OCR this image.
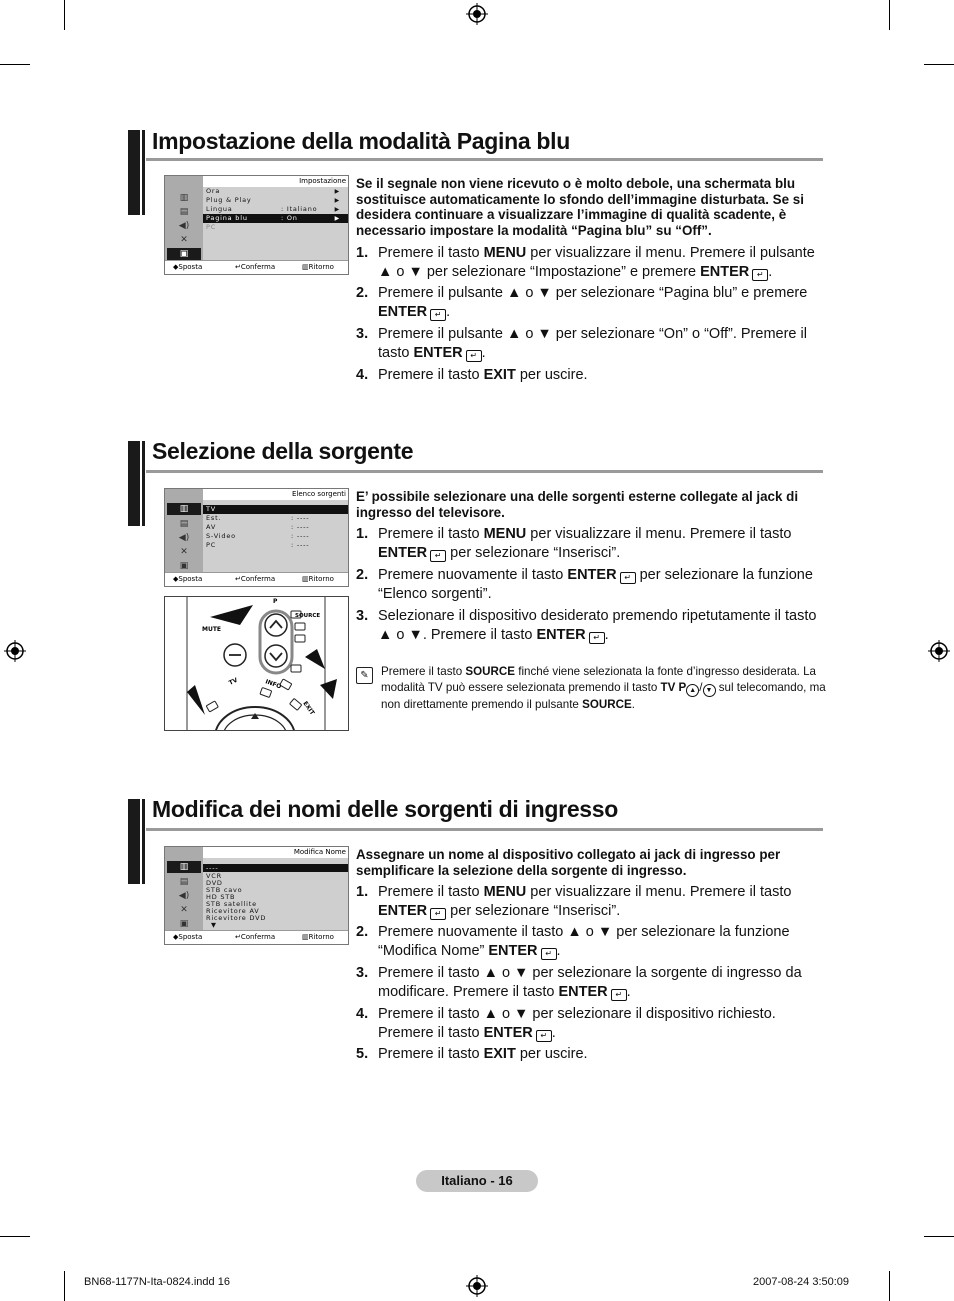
Impostazione della modalità Pagina blu
▥
▤
◀)
✕
▣
Impostazione
Ora	▶
Plug & Play	▶
Lingua	: Italiano	▶
Pagina blu	: On	▶
PC
◆ Sposta	↵ Conferma	▥ Ritorno
Se il segnale non viene ricevuto o è molto debole, una schermata blu sostituisce automaticamente lo sfondo dell’immagine disturbata. Se si desidera continuare a visualizzare l’immagine di qualità scadente, è necessario impostare la modalità “Pagina blu” su “Off”.
1. Premere il tasto MENU per visualizzare il menu. Premere il pulsante ▲ o ▼ per selezionare “Impostazione” e premere ENTER ↵ .
2. Premere il pulsante ▲ o ▼ per selezionare “Pagina blu” e premere ENTER ↵ .
3. Premere il pulsante ▲ o ▼ per selezionare “On” o “Off”. Premere il tasto ENTER ↵ .
4. Premere il tasto EXIT per uscire.
Selezione della sorgente
▥
▤
◀)
✕
▣
Elenco sorgenti
TV
Est.	: ----
AV	: ----
S-Video	: ----
PC	: ----
◆ Sposta	↵ Conferma	▥ Ritorno
MUTE
SOURCE
P
TV	INFO
EXIT
E’ possibile selezionare una delle sorgenti esterne collegate al jack di ingresso del televisore.
1. Premere il tasto MENU per visualizzare il menu. Premere il tasto ENTER ↵ per selezionare “Inserisci”.
2. Premere nuovamente il tasto ENTER ↵ per selezionare la funzione “Elenco sorgenti”.
3. Selezionare il dispositivo desiderato premendo ripetutamente il tasto ▲ o ▼. Premere il tasto ENTER ↵ .
✎	Premere il tasto SOURCE finché viene selezionata la fonte d’ingresso desiderata. La modalità TV può essere selezionata premendo il tasto TV P ▲ / ▼ sul telecomando, ma non direttamente premendo il pulsante SOURCE.
Modifica dei nomi delle sorgenti di ingresso
▥
▤
◀)
✕
▣
Modifica Nome
----
VCR
DVD
STB cavo
HD STB
STB satellite
Ricevitore AV
Ricevitore DVD
▼
◆ Sposta	↵ Conferma	▥ Ritorno
Assegnare un nome al dispositivo collegato ai jack di ingresso per semplificare la selezione della sorgente di ingresso.
1. Premere il tasto MENU per visualizzare il menu. Premere il tasto ENTER ↵ per selezionare “Inserisci”.
2. Premere nuovamente il tasto ▲ o ▼ per selezionare la funzione “Modifica Nome” ENTER ↵ .
3. Premere il tasto ▲ o ▼ per selezionare la sorgente di ingresso da modificare. Premere il tasto ENTER ↵ .
4. Premere il tasto ▲ o ▼ per selezionare il dispositivo richiesto. Premere il tasto ENTER ↵ .
5. Premere il tasto EXIT per uscire.
Italiano - 16
BN68-1177N-Ita-0824.indd 16	2007-08-24 3:50:09
